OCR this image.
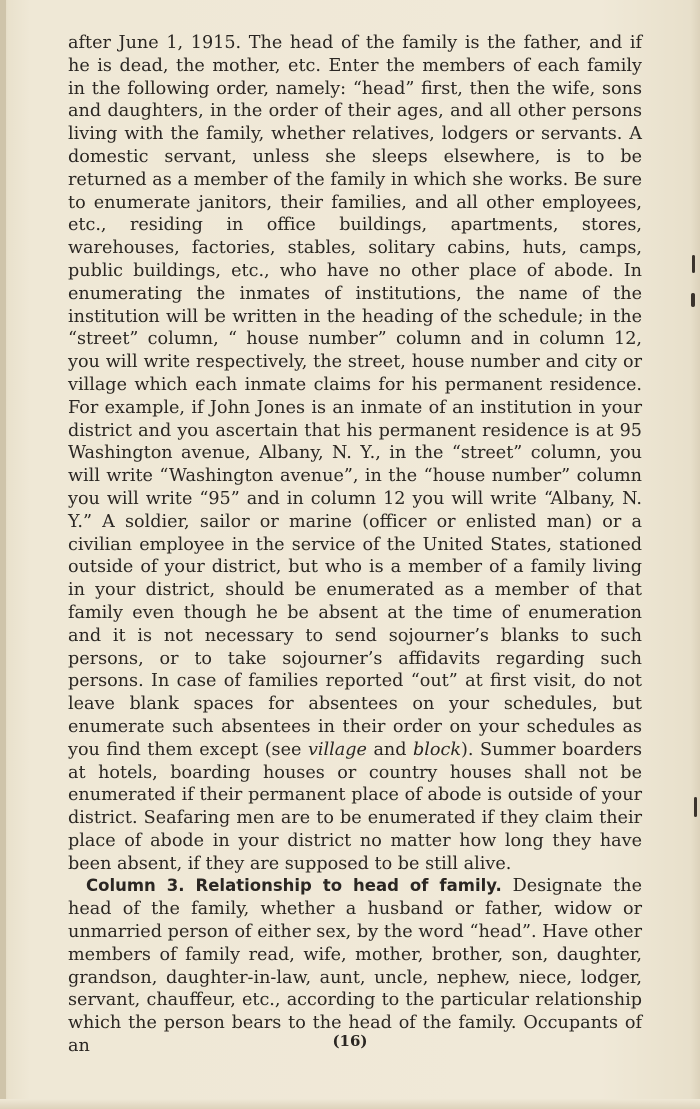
after June 1, 1915. The head of the family is the father, and if he is dead, the mother, etc. Enter the members of each family in the following order, namely: “head” first, then the wife, sons and daughters, in the order of their ages, and all other persons living with the family, whether relatives, lodgers or servants. A domestic servant, unless she sleeps elsewhere, is to be returned as a member of the family in which she works. Be sure to enumerate janitors, their families, and all other employees, etc., residing in office buildings, apartments, stores, warehouses, factories, stables, solitary cabins, huts, camps, public buildings, etc., who have no other place of abode. In enumerating the inmates of institutions, the name of the institution will be written in the heading of the schedule; in the “street” column, “ house number” column and in column 12, you will write respectively, the street, house number and city or village which each inmate claims for his permanent residence. For example, if John Jones is an inmate of an institution in your district and you ascertain that his permanent residence is at 95 Washington avenue, Albany, N. Y., in the “street” column, you will write “Washington avenue”, in the “house number” column you will write “95” and in column 12 you will write “Albany, N. Y.” A soldier, sailor or marine (officer or enlisted man) or a civilian employee in the service of the United States, stationed outside of your district, but who is a member of a family living in your district, should be enumerated as a member of that family even though he be absent at the time of enumeration and it is not necessary to send sojourner’s blanks to such persons, or to take sojourner’s affidavits regarding such persons. In case of families reported “out” at first visit, do not leave blank spaces for absentees on your schedules, but enumerate such absentees in their order on your schedules as you find them except (see village and block). Summer boarders at hotels, boarding houses or country houses shall not be enumerated if their permanent place of abode is outside of your district. Seafaring men are to be enumerated if they claim their place of abode in your district no matter how long they have been absent, if they are supposed to be still alive.

Column 3. Relationship to head of family. Designate the head of the family, whether a husband or father, widow or unmarried person of either sex, by the word “head”. Have other members of family read, wife, mother, brother, son, daughter, grandson, daughter-in-law, aunt, uncle, nephew, niece, lodger, servant, chauffeur, etc., according to the particular relationship which the person bears to the head of the family. Occupants of an	(16)
